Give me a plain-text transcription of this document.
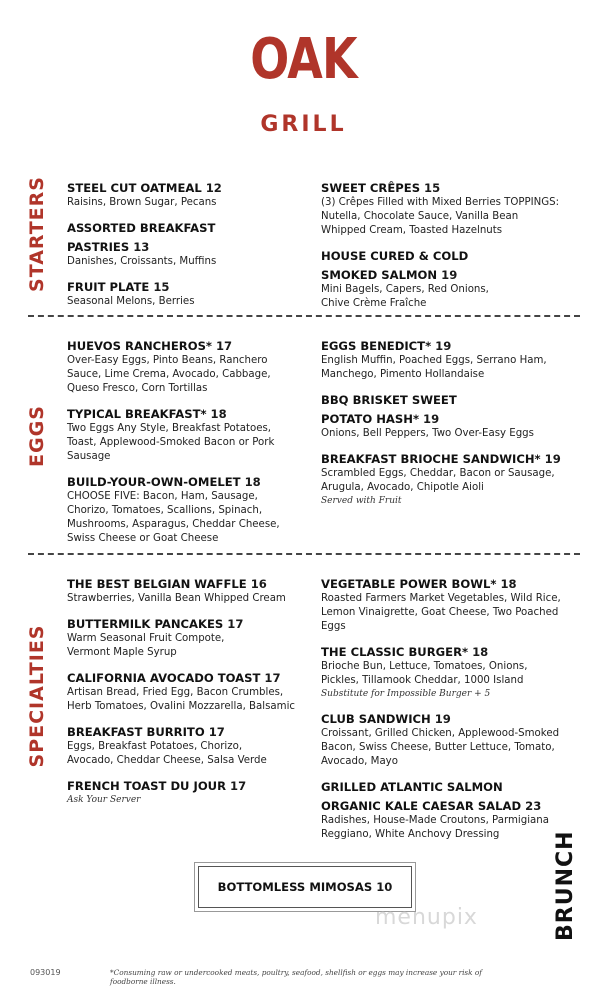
OAK
GRILL
STARTERS STEEL CUT OATMEAL 12
Raisins, Brown Sugar, Pecans
ASSORTED BREAKFAST PASTRIES 13
Danishes, Croissants, Muffins
FRUIT PLATE 15
Seasonal Melons, Berries
SWEET CRÊPES 15
(3) Crêpes Filled with Mixed Berries TOPPINGS: Nutella, Chocolate Sauce, Vanilla Bean Whipped Cream, Toasted Hazelnuts
HOUSE CURED & COLD SMOKED SALMON 19
Mini Bagels, Capers, Red Onions, Chive Crème Fraîche
EGGS
HUEVOS RANCHEROS* 17
Over-Easy Eggs, Pinto Beans, Ranchero Sauce, Lime Crema, Avocado, Cabbage, Queso Fresco, Corn Tortillas
TYPICAL BREAKFAST* 18
Two Eggs Any Style, Breakfast Potatoes, Toast, Applewood-Smoked Bacon or Pork Sausage
BUILD-YOUR-OWN-OMELET 18
CHOOSE FIVE: Bacon, Ham, Sausage, Chorizo, Tomatoes, Scallions, Spinach, Mushrooms, Asparagus, Cheddar Cheese, Swiss Cheese or Goat Cheese
EGGS BENEDICT* 19
English Muffin, Poached Eggs, Serrano Ham, Manchego, Pimento Hollandaise
BBQ BRISKET SWEET POTATO HASH* 19
Onions, Bell Peppers, Two Over-Easy Eggs
BREAKFAST BRIOCHE SANDWICH* 19
Scrambled Eggs, Cheddar, Bacon or Sausage, Arugula, Avocado, Chipotle Aioli
Served with Fruit
SPECIALTIES
THE BEST BELGIAN WAFFLE 16
Strawberries, Vanilla Bean Whipped Cream
BUTTERMILK PANCAKES 17
Warm Seasonal Fruit Compote, Vermont Maple Syrup
CALIFORNIA AVOCADO TOAST 17
Artisan Bread, Fried Egg, Bacon Crumbles, Herb Tomatoes, Ovalini Mozzarella, Balsamic
BREAKFAST BURRITO 17
Eggs, Breakfast Potatoes, Chorizo, Avocado, Cheddar Cheese, Salsa Verde
FRENCH TOAST DU JOUR 17
Ask Your Server
VEGETABLE POWER BOWL* 18
Roasted Farmers Market Vegetables, Wild Rice, Lemon Vinaigrette, Goat Cheese, Two Poached Eggs
THE CLASSIC BURGER* 18
Brioche Bun, Lettuce, Tomatoes, Onions, Pickles, Tillamook Cheddar, 1000 Island
Substitute for Impossible Burger + 5
CLUB SANDWICH 19
Croissant, Grilled Chicken, Applewood-Smoked Bacon, Swiss Cheese, Butter Lettuce, Tomato, Avocado, Mayo
GRILLED ATLANTIC SALMON ORGANIC KALE CAESAR SALAD 23
Radishes, House-Made Croutons, Parmigiana Reggiano, White Anchovy Dressing
BOTTOMLESS MIMOSAS 10
menupix	BRUNCH
093019	*Consuming raw or undercooked meats, poultry, seafood, shellfish or eggs may increase your risk of foodborne illness.
